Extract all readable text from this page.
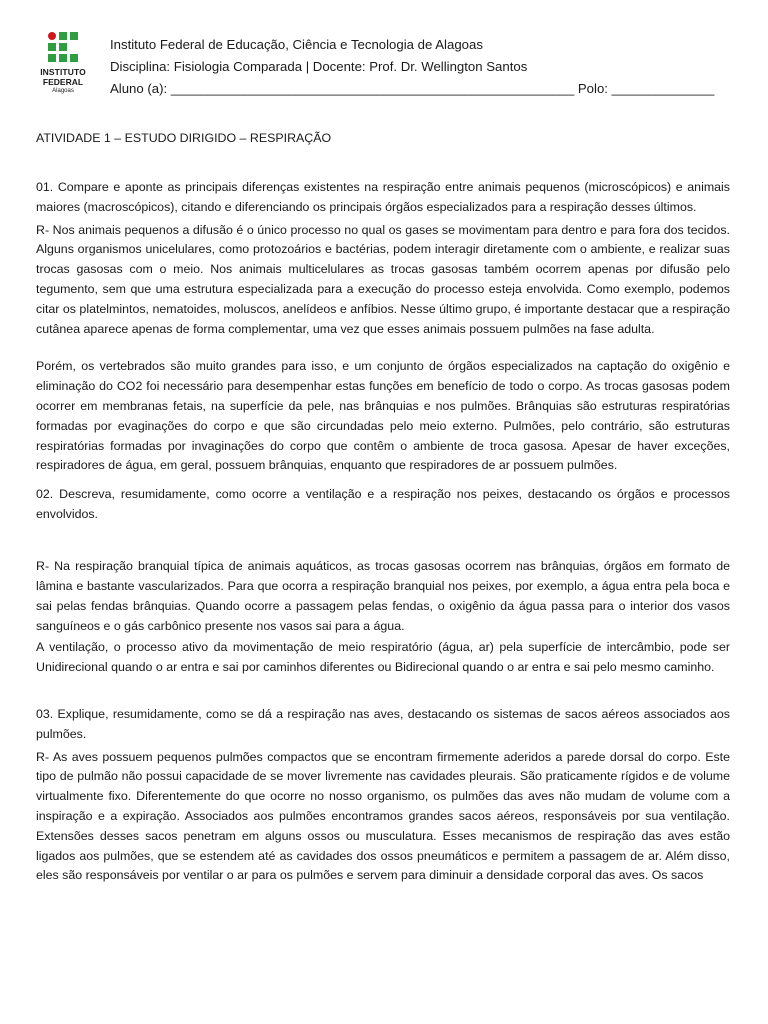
INSTITUTO
FEDERAL
Alagoas
Instituto Federal de Educação, Ciência e Tecnologia de Alagoas
Disciplina: Fisiologia Comparada | Docente: Prof. Dr. Wellington Santos
Aluno (a): _______________________________________________________ Polo: ______________
ATIVIDADE 1 – ESTUDO DIRIGIDO – RESPIRAÇÃO

01. Compare e aponte as principais diferenças existentes na respiração entre animais pequenos (microscópicos) e animais maiores (macroscópicos), citando e diferenciando os principais órgãos especializados para a respiração desses últimos.

R- Nos animais pequenos a difusão é o único processo no qual os gases se movimentam para dentro e para fora dos tecidos. Alguns organismos unicelulares, como protozoários e bactérias, podem interagir diretamente com o ambiente, e realizar suas trocas gasosas com o meio. Nos animais multicelulares as trocas gasosas também ocorrem apenas por difusão pelo tegumento, sem que uma estrutura especializada para a execução do processo esteja envolvida. Como exemplo, podemos citar os platelmintos, nematoides, moluscos, anelídeos e anfíbios. Nesse último grupo, é importante destacar que a respiração cutânea aparece apenas de forma complementar, uma vez que esses animais possuem pulmões na fase adulta.

Porém, os vertebrados são muito grandes para isso, e um conjunto de órgãos especializados na captação do oxigênio e eliminação do CO2 foi necessário para desempenhar estas funções em benefício de todo o corpo. As trocas gasosas podem ocorrer em membranas fetais, na superfície da pele, nas brânquias e nos pulmões. Brânquias são estruturas respiratórias formadas por evaginações do corpo e que são circundadas pelo meio externo. Pulmões, pelo contrário, são estruturas respiratórias formadas por invaginações do corpo que contêm o ambiente de troca gasosa. Apesar de haver exceções, respiradores de água, em geral, possuem brânquias, enquanto que respiradores de ar possuem pulmões.

02. Descreva, resumidamente, como ocorre a ventilação e a respiração nos peixes, destacando os órgãos e processos envolvidos.

R- Na respiração branquial típica de animais aquáticos, as trocas gasosas ocorrem nas brânquias, órgãos em formato de lâmina e bastante vascularizados. Para que ocorra a respiração branquial nos peixes, por exemplo, a água entra pela boca e sai pelas fendas brânquias. Quando ocorre a passagem pelas fendas, o oxigênio da água passa para o interior dos vasos sanguíneos e o gás carbônico presente nos vasos sai para a água.

A ventilação, o processo ativo da movimentação de meio respiratório (água, ar) pela superfície de intercâmbio, pode ser Unidirecional quando o ar entra e sai por caminhos diferentes ou Bidirecional quando o ar entra e sai pelo mesmo caminho.

03. Explique, resumidamente, como se dá a respiração nas aves, destacando os sistemas de sacos aéreos associados aos pulmões.

R- As aves possuem pequenos pulmões compactos que se encontram firmemente aderidos a parede dorsal do corpo. Este tipo de pulmão não possui capacidade de se mover livremente nas cavidades pleurais. São praticamente rígidos e de volume virtualmente fixo. Diferentemente do que ocorre no nosso organismo, os pulmões das aves não mudam de volume com a inspiração e a expiração. Associados aos pulmões encontramos grandes sacos aéreos, responsáveis por sua ventilação. Extensões desses sacos penetram em alguns ossos ou musculatura. Esses mecanismos de respiração das aves estão ligados aos pulmões, que se estendem até as cavidades dos ossos pneumáticos e permitem a passagem de ar. Além disso, eles são responsáveis por ventilar o ar para os pulmões e servem para diminuir a densidade corporal das aves. Os sacos
